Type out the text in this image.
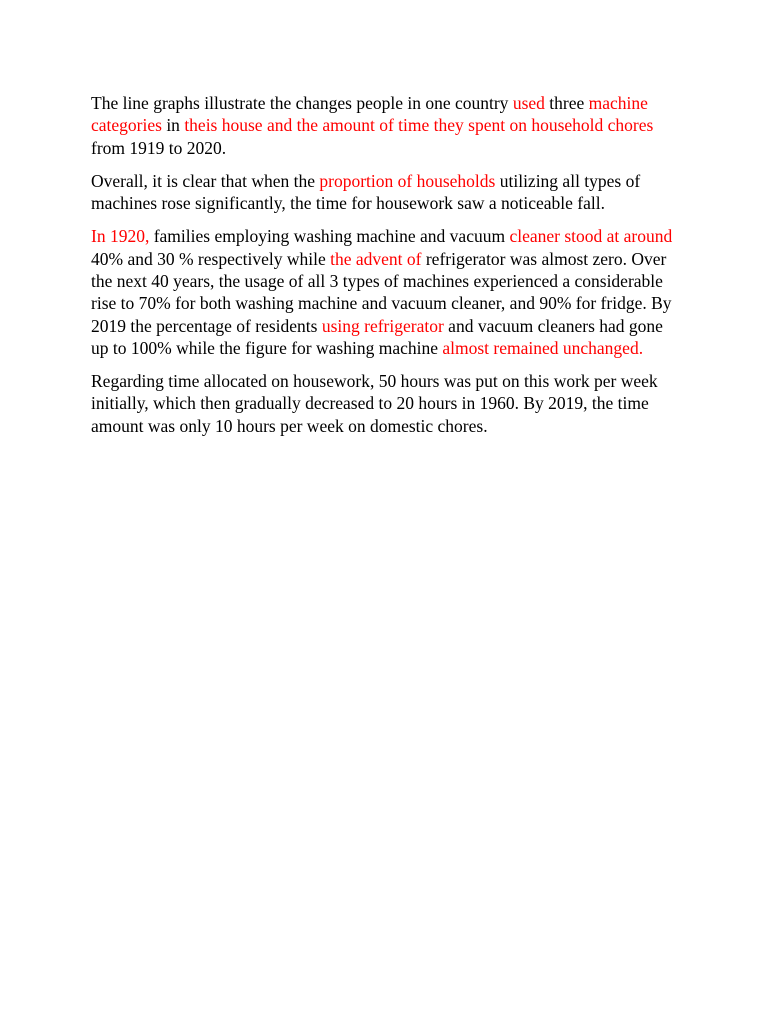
The line graphs illustrate the changes people in one country used three machine
categories in theis house and the amount of time they spent on household chores
from 1919 to 2020.

Overall, it is clear that when the proportion of households utilizing all types of
machines rose significantly, the time for housework saw a noticeable fall.

In 1920, families employing washing machine and vacuum cleaner stood at around
40% and 30 % respectively while the advent of refrigerator was almost zero. Over
the next 40 years, the usage of all 3 types of machines experienced a considerable
rise to 70% for both washing machine and vacuum cleaner, and 90% for fridge. By
2019 the percentage of residents using refrigerator and vacuum cleaners had gone
up to 100% while the figure for washing machine almost remained unchanged.

Regarding time allocated on housework, 50 hours was put on this work per week
initially, which then gradually decreased to 20 hours in 1960. By 2019, the time
amount was only 10 hours per week on domestic chores.
